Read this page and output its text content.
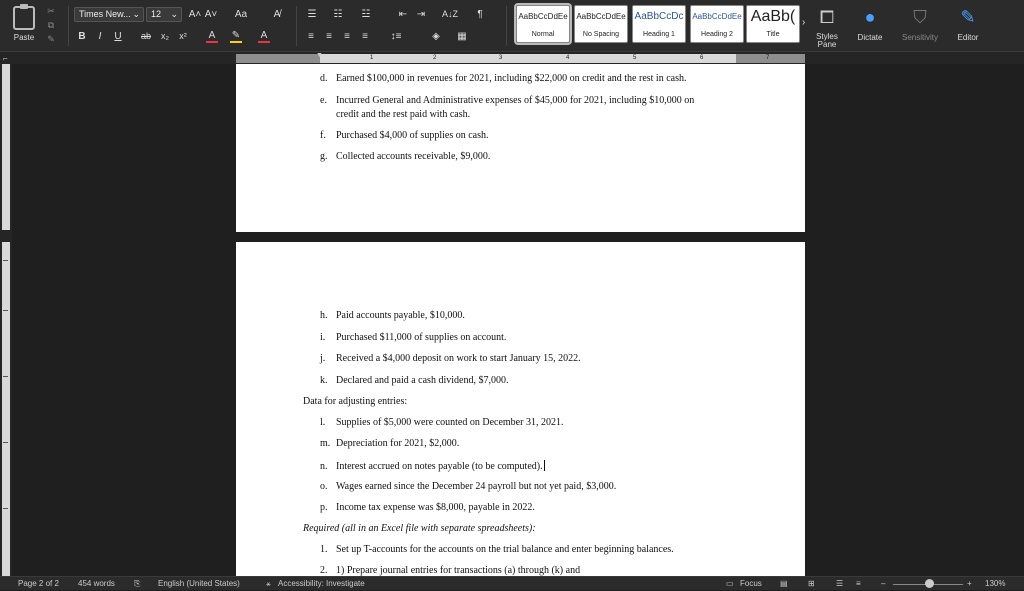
Paste
✂
⧉
✎
Times New... ⌄	12 ⌄ A˄ A˅	Aa	A̸
B	I	U	ab	x₂	x²	A ✎ A
☰	☷	☳	⇤ ⇥	A↓Z	¶
≡	≡	≡	≡	↕≡	◈	▦
AaBbCcDdEe
Normal
AaBbCcDdEe
No Spacing
AaBbCcDc
Heading 1
AaBbCcDdEe
Heading 2
AaBb(
Title
› ⧠
Styles
Pane
●
Dictate
⛉
Sensitivity
✎
Editor
1	2	3	4	5	6	7
▼
⌐
d. Earned $100,000 in revenues for 2021, including $22,000 on credit and the rest in cash.
e. Incurred General and Administrative expenses of $45,000 for 2021, including $10,000 on
credit and the rest paid with cash.
f. Purchased $4,000 of supplies on cash.
g. Collected accounts receivable, $9,000.
h. Paid accounts payable, $10,000.
i. Purchased $11,000 of supplies on account.
j. Received a $4,000 deposit on work to start January 15, 2022.
k. Declared and paid a cash dividend, $7,000.
Data for adjusting entries:
l. Supplies of $5,000 were counted on December 31, 2021.
m. Depreciation for 2021, $2,000.
n. Interest accrued on notes payable (to be computed).
o. Wages earned since the December 24 payroll but not yet paid, $3,000.
p. Income tax expense was $8,000, payable in 2022.
Required (all in an Excel file with separate spreadsheets):
1. Set up T-accounts for the accounts on the trial balance and enter beginning balances.
2. 1) Prepare journal entries for transactions (a) through (k) and
Page 2 of 2 454 words ⎘ English (United States)	⚹ Accessibility: Investigate	▭ Focus ▤	⊞	☰ ≡	–	+ 130%
